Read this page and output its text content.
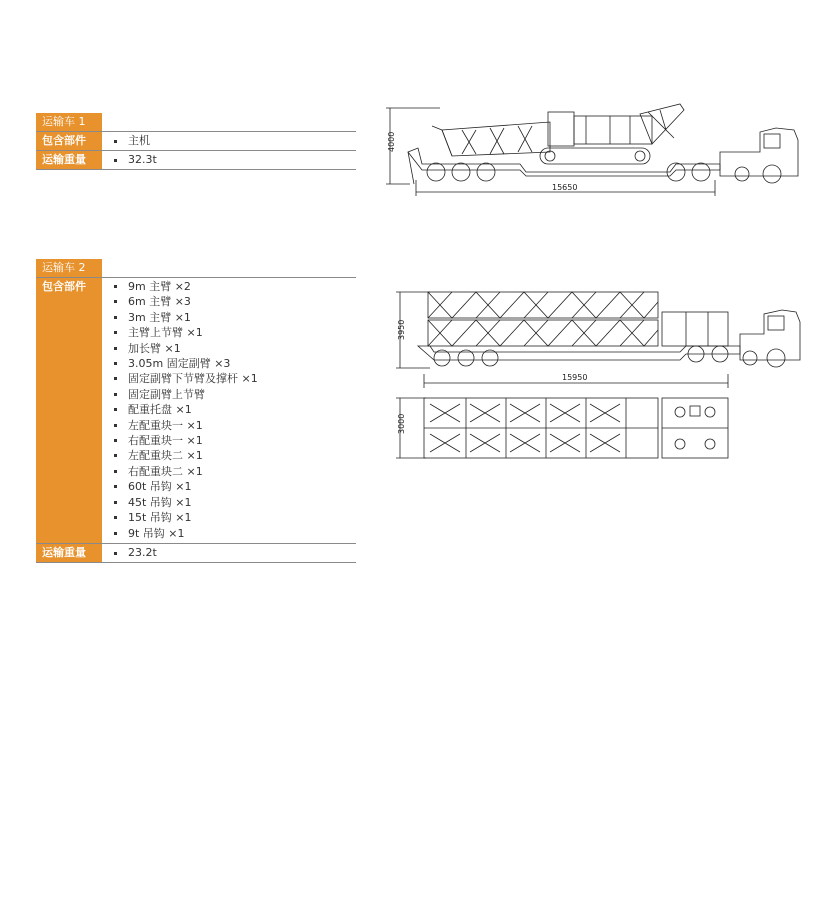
运输车 1
包含部件	主机
运输重量	32.3t
运输车 2
包含部件	9m 主臂 ×2
6m 主臂 ×3
3m 主臂 ×1
主臂上节臂 ×1
加长臂 ×1
3.05m 固定副臂 ×3
固定副臂下节臂及撑杆 ×1
固定副臂上节臂
配重托盘 ×1
左配重块一 ×1
右配重块一 ×1
左配重块二 ×1
右配重块二 ×1
60t 吊钩 ×1
45t 吊钩 ×1
15t 吊钩 ×1
9t 吊钩 ×1
运输重量	23.2t
4000
15650
3950
15950
3000
